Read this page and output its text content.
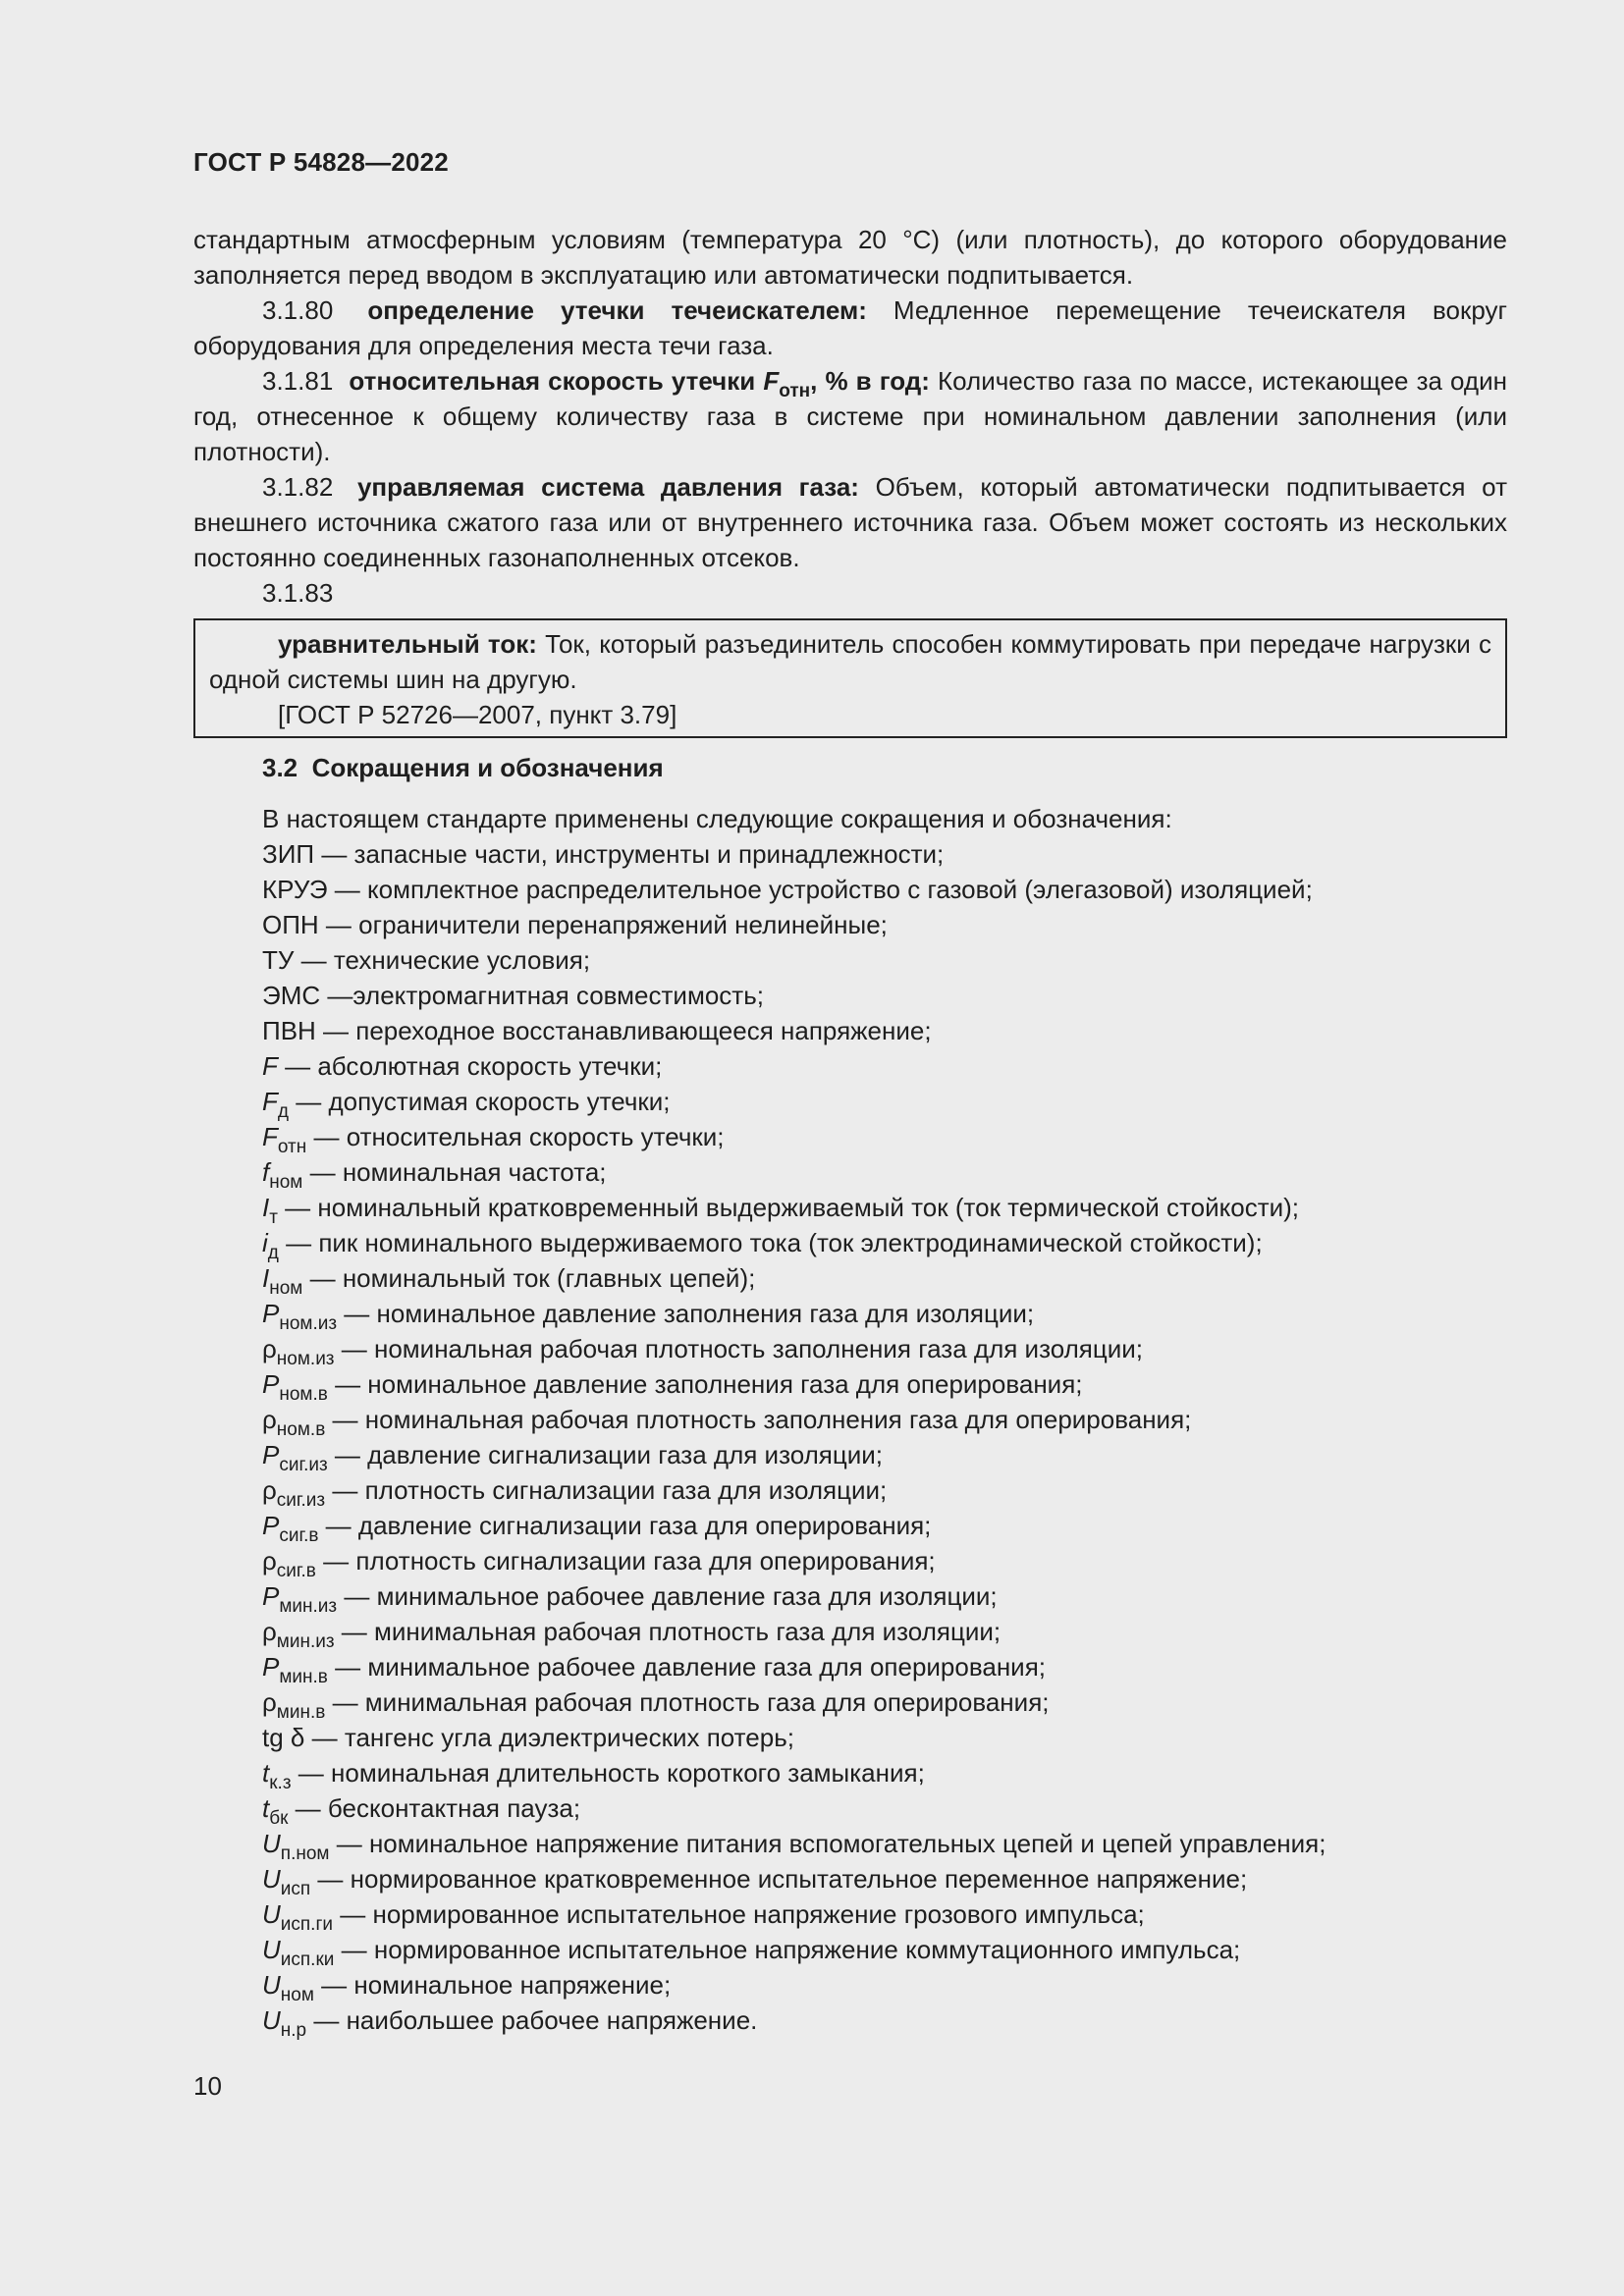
ГОСТ Р 54828—2022

стандартным атмосферным условиям (температура 20 °С) (или плотность), до которого оборудование заполняется перед вводом в эксплуатацию или автоматически подпитывается.

3.1.80 определение утечки течеискателем: Медленное перемещение течеискателя вокруг оборудования для определения места течи газа.

3.1.81 относительная скорость утечки $F_{отн}$, % в год: Количество газа по массе, истекающее за один год, отнесенное к общему количеству газа в системе при номинальном давлении заполнения (или плотности).

3.1.82 управляемая система давления газа: Объем, который автоматически подпитывается от внешнего источника сжатого газа или от внутреннего источника газа. Объем может состоять из нескольких постоянно соединенных газонаполненных отсеков.

3.1.83

уравнительный ток: Ток, который разъединитель способен коммутировать при передаче нагрузки с одной системы шин на другую.

[ГОСТ Р 52726—2007, пункт 3.79]

3.2 Сокращения и обозначения

В настоящем стандарте применены следующие сокращения и обозначения:

ЗИП — запасные части, инструменты и принадлежности;
КРУЭ — комплектное распределительное устройство с газовой (элегазовой) изоляцией;
ОПН — ограничители перенапряжений нелинейные;
ТУ — технические условия;
ЭМС —электромагнитная совместимость;
ПВН — переходное восстанавливающееся напряжение;
F — абсолютная скорость утечки;
$F_д$ — допустимая скорость утечки;
$F_{отн}$ — относительная скорость утечки;
$f_{ном}$ — номинальная частота;
$I_т$ — номинальный кратковременный выдерживаемый ток (ток термической стойкости);
$i_д$ — пик номинального выдерживаемого тока (ток электродинамической стойкости);
$I_{ном}$ — номинальный ток (главных цепей);
$P_{ном.из}$ — номинальное давление заполнения газа для изоляции;
$\rho_{ном.из}$ — номинальная рабочая плотность заполнения газа для изоляции;
$P_{ном.в}$ — номинальное давление заполнения газа для оперирования;
$\rho_{ном.в}$ — номинальная рабочая плотность заполнения газа для оперирования;
$P_{сиг.из}$ — давление сигнализации газа для изоляции;
$\rho_{сиг.из}$ — плотность сигнализации газа для изоляции;
$P_{сиг.в}$ — давление сигнализации газа для оперирования;
$\rho_{сиг.в}$ — плотность сигнализации газа для оперирования;
$P_{мин.из}$ — минимальное рабочее давление газа для изоляции;
$\rho_{мин.из}$ — минимальная рабочая плотность газа для изоляции;
$P_{мин.в}$ — минимальное рабочее давление газа для оперирования;
$\rho_{мин.в}$ — минимальная рабочая плотность газа для оперирования;
tg δ — тангенс угла диэлектрических потерь;
$t_{к.з}$ — номинальная длительность короткого замыкания;
$t_{бк}$ — бесконтактная пауза;
$U_{п.ном}$ — номинальное напряжение питания вспомогательных цепей и цепей управления;
$U_{исп}$ — нормированное кратковременное испытательное переменное напряжение;
$U_{исп.ги}$ — нормированное испытательное напряжение грозового импульса;
$U_{исп.ки}$ — нормированное испытательное напряжение коммутационного импульса;
$U_{ном}$ — номинальное напряжение;
$U_{н.р}$ — наибольшее рабочее напряжение.
10
